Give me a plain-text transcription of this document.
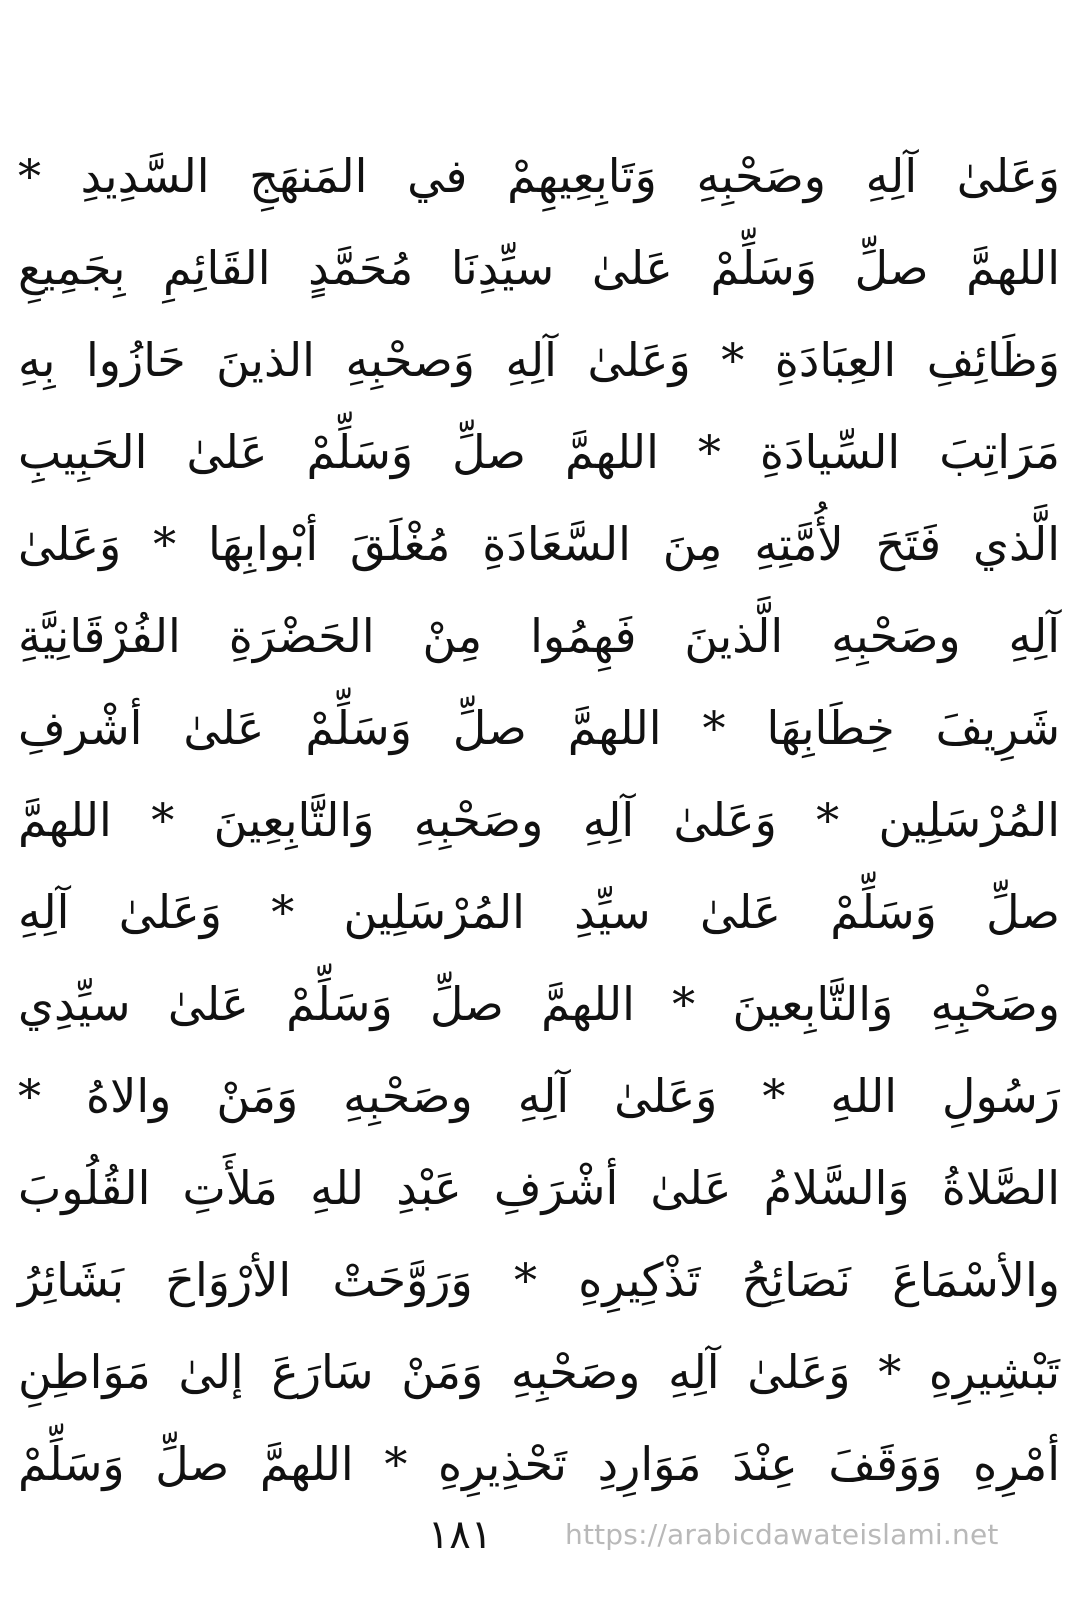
وَعَلىٰ آلِهِ وصَحْبِهِ وَتَابِعِيهِمْ في المَنهَجِ السَّدِيدِ *
اللهمَّ صلِّ وَسَلِّمْ عَلىٰ سيِّدِنَا مُحَمَّدٍ القَائِمِ بِجَمِيعِ
وَظَائِفِ العِبَادَةِ * وَعَلىٰ آلِهِ وَصحْبِهِ الذينَ حَازُوا بِهِ
مَرَاتِبَ السِّيادَةِ * اللهمَّ صلِّ وَسَلِّمْ عَلىٰ الحَبِيبِ
الَّذي فَتَحَ لأُمَّتِهِ مِنَ السَّعَادَةِ مُغْلَقَ أبْوابِهَا * وَعَلىٰ
آلِهِ وصَحْبِهِ الَّذينَ فَهِمُوا مِنْ الحَضْرَةِ الفُرْقَانِيَّةِ
شَرِيفَ خِطَابِهَا * اللهمَّ صلِّ وَسَلِّمْ عَلىٰ أشْرفِ
المُرْسَلِين * وَعَلىٰ آلِهِ وصَحْبِهِ وَالتَّابِعِينَ * اللهمَّ
صلِّ وَسَلِّمْ عَلىٰ سيِّدِ المُرْسَلِين * وَعَلىٰ آلِهِ
وصَحْبِهِ وَالتَّابِعينَ * اللهمَّ صلِّ وَسَلِّمْ عَلىٰ سيِّدِي
رَسُولِ اللهِ * وَعَلىٰ آلِهِ وصَحْبِهِ وَمَنْ والاهُ *
الصَّلاةُ وَالسَّلامُ عَلىٰ أشْرَفِ عَبْدِ للهِ مَلأَتِ القُلُوبَ
والأسْمَاعَ نَصَائِحُ تَذْكِيرِهِ * وَرَوَّحَتْ الأرْوَاحَ بَشَائِرُ
تَبْشِيرِهِ * وَعَلىٰ آلِهِ وصَحْبِهِ وَمَنْ سَارَعَ إلىٰ مَوَاطِنِ
أمْرِهِ وَوَقَفَ عِنْدَ مَوَارِدِ تَحْذِيرِهِ * اللهمَّ صلِّ وَسَلِّمْ
١٨١	https://arabicdawateislami.net
